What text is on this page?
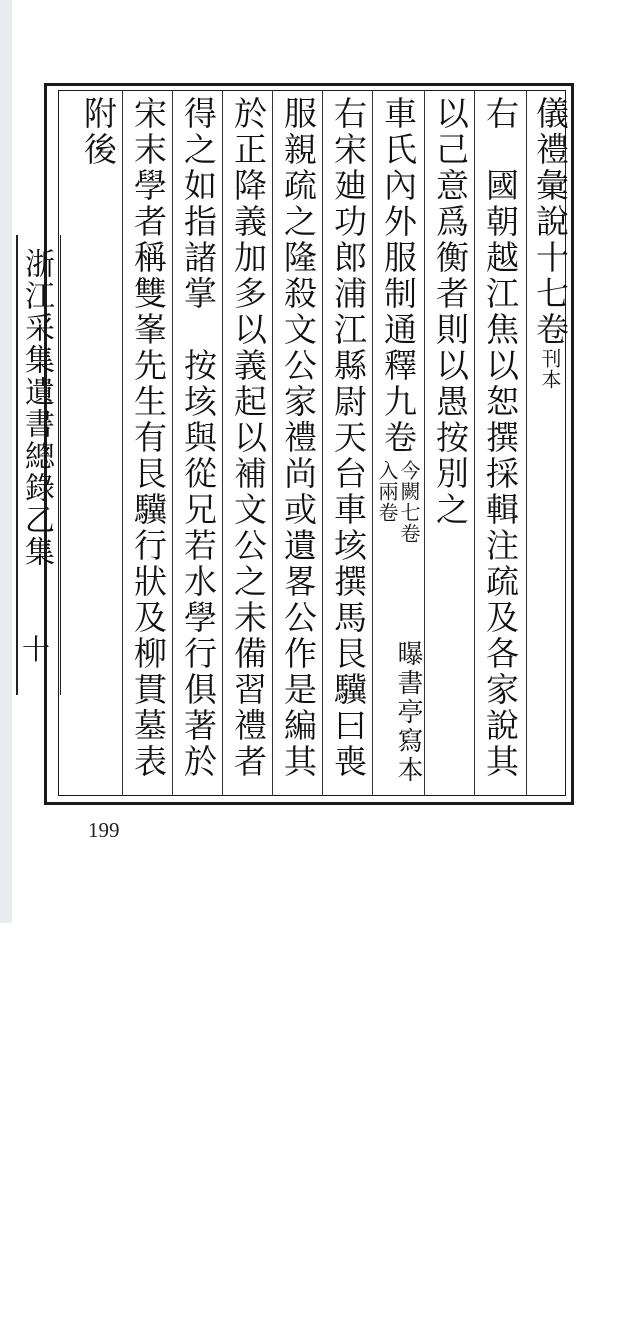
儀禮彙說十七卷刊本
右　國朝越江焦以恕撰採輯注疏及各家說其
以己意爲衡者則以愚按別之
車氏內外服制通釋九卷
今闕七卷
入兩卷
曝書亭寫本
右宋廸功郎浦江縣尉天台車垓撰馬艮驥曰喪
服親疏之隆殺文公家禮尚或遺畧公作是編其
於正降義加多以義起以補文公之未備習禮者
得之如指諸掌　按垓與從兄若水學行俱著於
宋末學者稱雙峯先生有艮驥行狀及柳貫墓表
附後
浙江采集遺書總錄乙集
十
199
